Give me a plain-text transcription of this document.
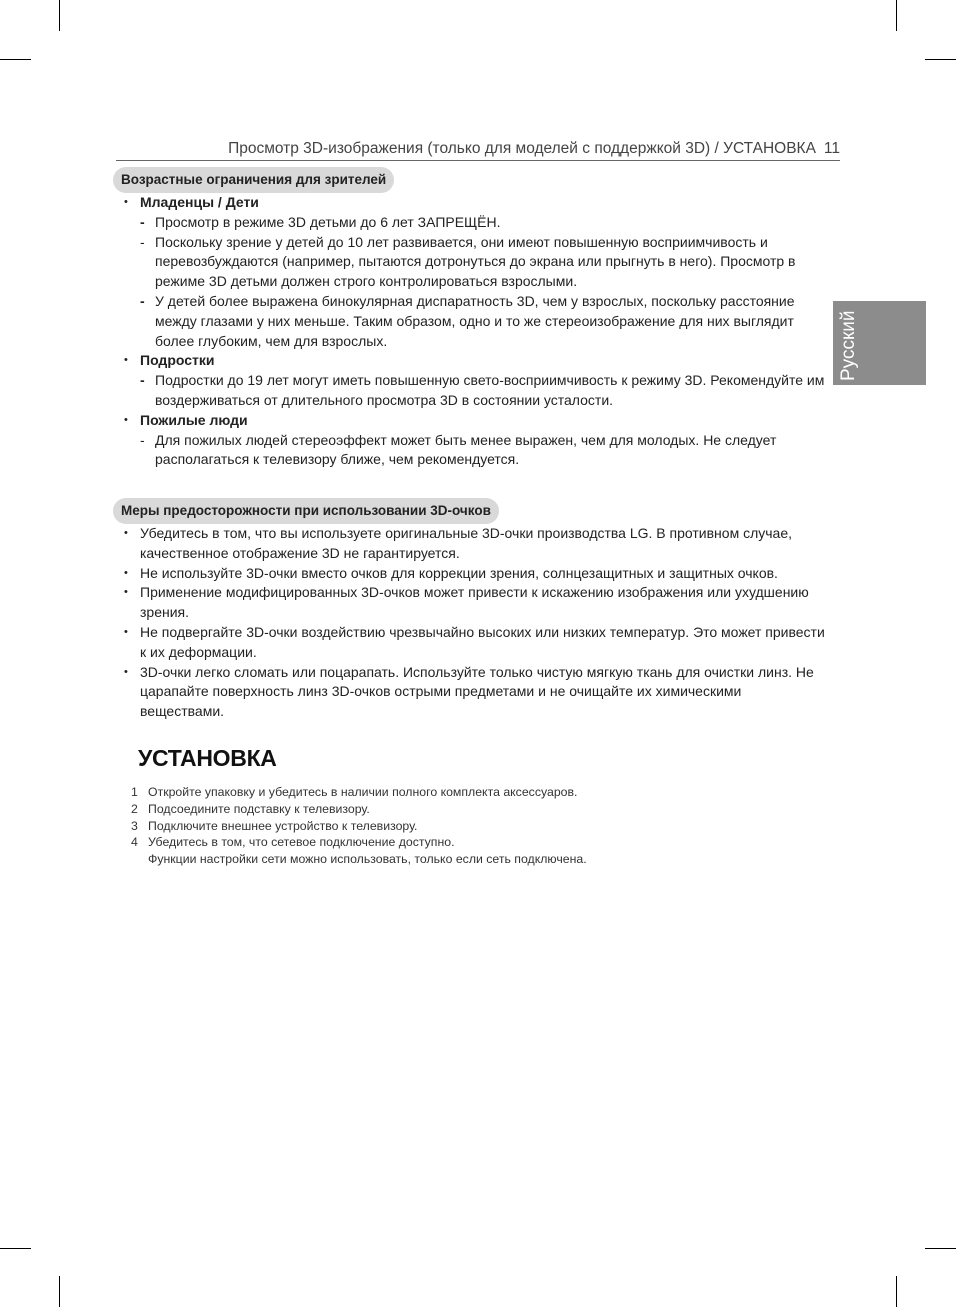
Просмотр 3D-изображения (только для моделей с поддержкой 3D) / УСТАНОВКА 11
Русский
Возрастные ограничения для зрителей
• Младенцы / Дети
- Просмотр в режиме 3D детьми до 6 лет ЗАПРЕЩЁН.
- Поскольку зрение у детей до 10 лет развивается, они имеют повышенную восприимчивость и перевозбуждаются (например, пытаются дотронуться до экрана или прыгнуть в него). Просмотр в режиме 3D детьми должен строго контролироваться взрослыми.
- У детей более выражена бинокулярная диспаратность 3D, чем у взрослых, поскольку расстояние между глазами у них меньше. Таким образом, одно и то же стереоизображение для них выглядит более глубоким, чем для взрослых.
• Подростки
- Подростки до 19 лет могут иметь повышенную свето-восприимчивость к режиму 3D. Рекомендуйте им воздерживаться от длительного просмотра 3D в состоянии усталости.
• Пожилые люди
- Для пожилых людей стереоэффект может быть менее выражен, чем для молодых. Не следует располагаться к телевизору ближе, чем рекомендуется.
Меры предосторожности при использовании 3D-очков
• Убедитесь в том, что вы используете оригинальные 3D-очки производства LG. В противном случае, качественное отображение 3D не гарантируется.
• Не используйте 3D-очки вместо очков для коррекции зрения, солнцезащитных и защитных очков.
• Применение модифицированных 3D-очков может привести к искажению изображения или ухудшению зрения.
• Не подвергайте 3D-очки воздействию чрезвычайно высоких или низких температур. Это может привести к их деформации.
• 3D-очки легко сломать или поцарапать. Используйте только чистую мягкую ткань для очистки линз. Не царапайте поверхность линз 3D-очков острыми предметами и не очищайте их химическими веществами.
УСТАНОВКА
1 Откройте упаковку и убедитесь в наличии полного комплекта аксессуаров.
2 Подсоедините подставку к телевизору.
3 Подключите внешнее устройство к телевизору.
4 Убедитесь в том, что сетевое подключение доступно.
Функции настройки сети можно использовать, только если сеть подключена.
